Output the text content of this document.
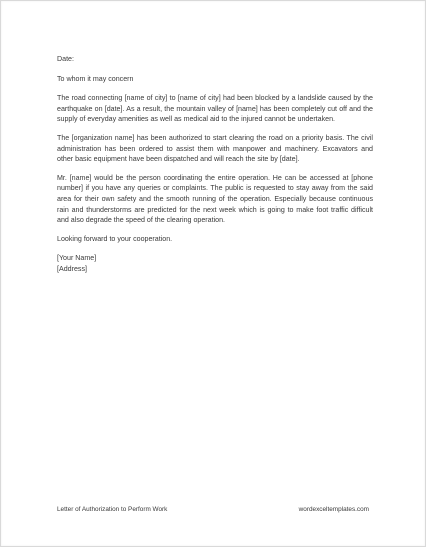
Date:

To whom it may concern

The road connecting [name of city] to [name of city] had been blocked by a landslide caused by the earthquake on [date]. As a result, the mountain valley of [name] has been completely cut off and the supply of everyday amenities as well as medical aid to the injured cannot be undertaken.

The [organization name] has been authorized to start clearing the road on a priority basis. The civil administration has been ordered to assist them with manpower and machinery. Excavators and other basic equipment have been dispatched and will reach the site by [date].

Mr. [name] would be the person coordinating the entire operation. He can be accessed at [phone number] if you have any queries or complaints. The public is requested to stay away from the said area for their own safety and the smooth running of the operation. Especially because continuous rain and thunderstorms are predicted for the next week which is going to make foot traffic difficult and also degrade the speed of the clearing operation.

Looking forward to your cooperation.

[Your Name]
[Address]

Letter of Authorization to Perform Work	wordexceltemplates.com
